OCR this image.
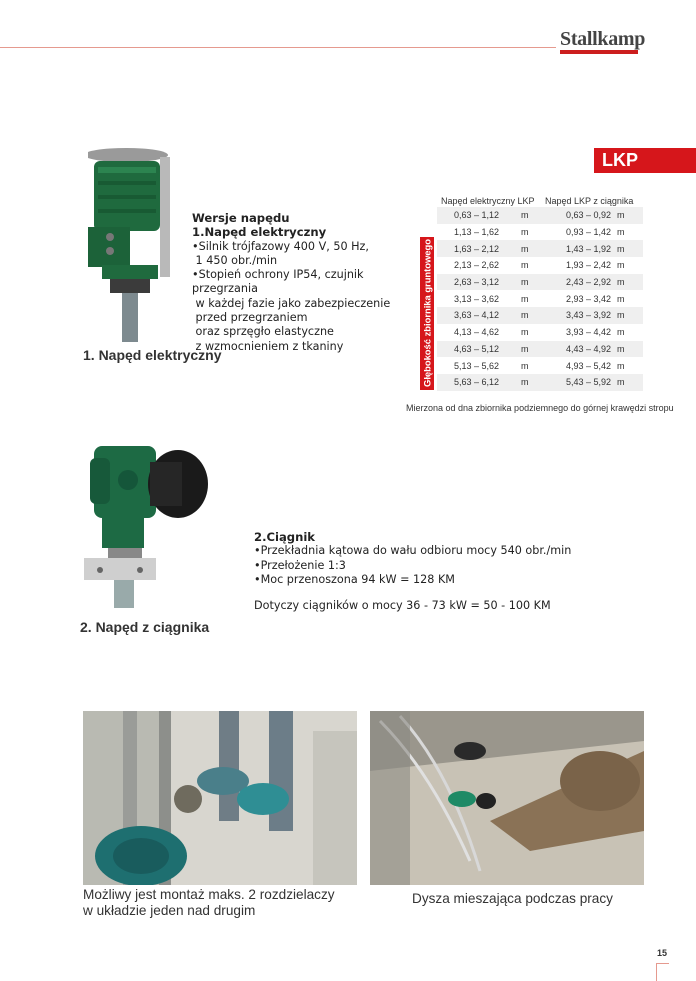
Stallkamp
LKP
Wersje napędu
1.Napęd elektryczny
•Silnik trójfazowy 400 V, 50 Hz,
1 450 obr./min
•Stopień ochrony IP54, czujnik przegrzania
w każdej fazie jako zabezpieczenie
przed przegrzaniem
oraz sprzęgło elastyczne
z wzmocnieniem z tkaniny
1. Napęd elektryczny	Głębokość zbiornika gruntowego
Napęd elektryczny LKP Napęd LKP z ciągnika
0,63 – 1,12	m	0,63 – 0,92 m
1,13 – 1,62	m	0,93 – 1,42 m
1,63 – 2,12	m	1,43 – 1,92 m
2,13 – 2,62	m	1,93 – 2,42 m
2,63 – 3,12	m	2,43 – 2,92 m
3,13 – 3,62	m	2,93 – 3,42 m
3,63 – 4,12	m	3,43 – 3,92 m
4,13 – 4,62	m	3,93 – 4,42 m
4,63 – 5,12	m	4,43 – 4,92 m
5,13 – 5,62	m	4,93 – 5,42 m
5,63 – 6,12	m	5,43 – 5,92 m
Mierzona od dna zbiornika podziemnego do górnej krawędzi stropu
2.Ciągnik
•Przekładnia kątowa do wału odbioru mocy 540 obr./min
•Przełożenie 1:3
•Moc przenoszona 94 kW = 128 KM
Dotyczy ciągników o mocy 36 - 73 kW = 50 - 100 KM
2. Napęd z ciągnika
Możliwy jest montaż maks. 2 rozdzielaczy
w układzie jeden nad drugim
Dysza mieszająca podczas pracy
15
